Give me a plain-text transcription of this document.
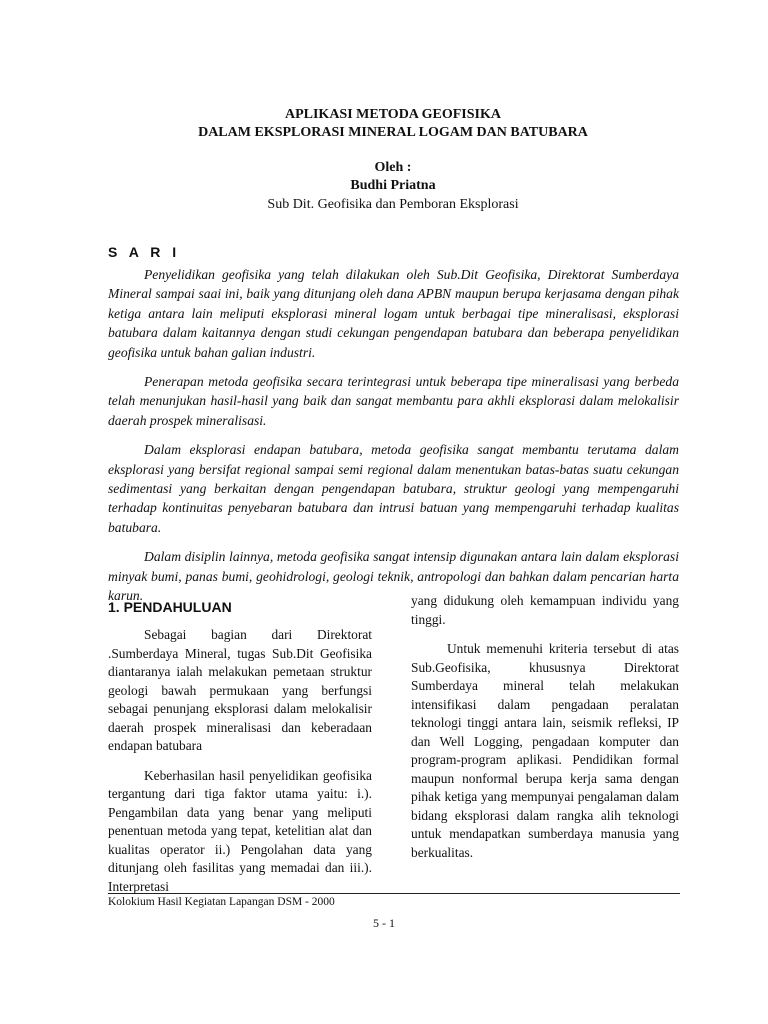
APLIKASI METODA GEOFISIKA
DALAM EKSPLORASI MINERAL LOGAM DAN BATUBARA
Oleh :
Budhi Priatna
Sub Dit. Geofisika dan Pemboran Eksplorasi
S A R I

Penyelidikan geofisika yang telah dilakukan oleh Sub.Dit Geofisika, Direktorat Sumberdaya Mineral sampai saai ini, baik yang ditunjang oleh dana APBN maupun berupa kerjasama dengan pihak ketiga antara lain meliputi eksplorasi mineral logam untuk berbagai tipe mineralisasi, eksplorasi batubara dalam kaitannya dengan studi cekungan pengendapan batubara dan beberapa penyelidikan geofisika untuk bahan galian industri.

Penerapan metoda geofisika secara terintegrasi untuk beberapa tipe mineralisasi yang berbeda telah menunjukan hasil-hasil yang baik dan sangat membantu para akhli eksplorasi dalam melokalisir daerah prospek mineralisasi.

Dalam eksplorasi endapan batubara, metoda geofisika sangat membantu terutama dalam eksplorasi yang bersifat regional sampai semi regional dalam menentukan batas-batas suatu cekungan sedimentasi yang berkaitan dengan pengendapan batubara, struktur geologi yang mempengaruhi terhadap kontinuitas penyebaran batubara dan intrusi batuan yang mempengaruhi terhadap kualitas batubara.

Dalam disiplin lainnya, metoda geofisika sangat intensip digunakan antara lain dalam eksplorasi minyak bumi, panas bumi, geohidrologi, geologi teknik, antropologi dan bahkan dalam pencarian harta karun.

1. PENDAHULUAN

Sebagai bagian dari Direktorat .Sumberdaya Mineral, tugas Sub.Dit Geofisika diantaranya ialah melakukan pemetaan struktur geologi bawah permukaan yang berfungsi sebagai penunjang eksplorasi dalam melokalisir daerah prospek mineralisasi dan keberadaan endapan batubara

Keberhasilan hasil penyelidikan geofisika tergantung dari tiga faktor utama yaitu: i.). Pengambilan data yang benar yang meliputi penentuan metoda yang tepat, ketelitian alat dan kualitas operator ii.) Pengolahan data yang ditunjang oleh fasilitas yang memadai dan iii.). Interpretasi

yang didukung oleh kemampuan individu yang tinggi.

Untuk memenuhi kriteria tersebut di atas Sub.Geofisika, khususnya Direktorat Sumberdaya mineral telah melakukan intensifikasi dalam pengadaan peralatan teknologi tinggi antara lain, seismik refleksi, IP dan Well Logging, pengadaan komputer dan program-program aplikasi. Pendidikan formal maupun nonformal berupa kerja sama dengan pihak ketiga yang mempunyai pengalaman dalam bidang eksplorasi dalam rangka alih teknologi untuk mendapatkan sumberdaya manusia yang berkualitas.

Kolokium Hasil Kegiatan Lapangan DSM - 2000
5 - 1
